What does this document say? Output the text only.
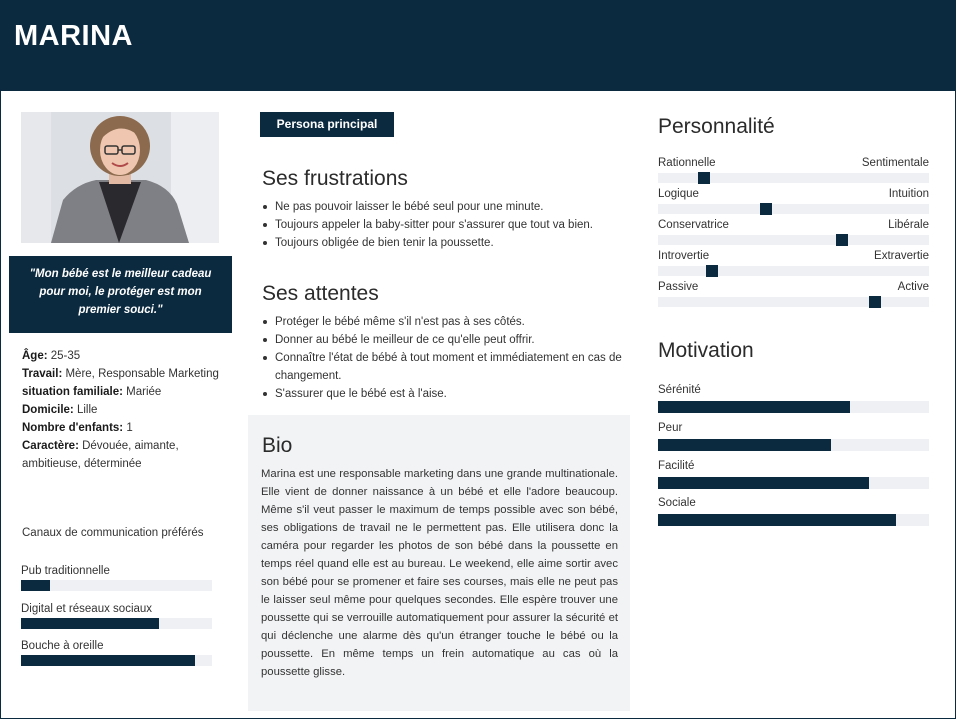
MARINA
"Mon bébé est le meilleur cadeau pour moi, le protéger est mon premier souci."
Âge: 25-35
Travail: Mère, Responsable Marketing
situation familiale: Mariée
Domicile: Lille
Nombre d'enfants: 1
Caractère: Dévouée, aimante, ambitieuse, déterminée
Canaux de communication préférés
Pub traditionnelle
Digital et réseaux sociaux
Bouche à oreille
Persona principal
Ses frustrations
Ne pas pouvoir laisser le bébé seul pour une minute.
Toujours appeler la baby-sitter pour s'assurer que tout va bien.
Toujours obligée de bien tenir la poussette.
Ses attentes
Protéger le bébé même s'il n'est pas à ses côtés.
Donner au bébé le meilleur de ce qu'elle peut offrir.
Connaître l'état de bébé à tout moment et immédiatement en cas de changement.
S'assurer que le bébé est à l'aise.
Bio

Marina est une responsable marketing dans une grande multinationale. Elle vient de donner naissance à un bébé et elle l'adore beaucoup. Même s'il veut passer le maximum de temps possible avec son bébé, ses obligations de travail ne le permettent pas. Elle utilisera donc la caméra pour regarder les photos de son bébé dans la poussette en temps réel quand elle est au bureau. Le weekend, elle aime sortir avec son bébé pour se promener et faire ses courses, mais elle ne peut pas le laisser seul même pour quelques secondes. Elle espère trouver une poussette qui se verrouille automatiquement pour assurer la sécurité et qui déclenche une alarme dès qu'un étranger touche le bébé ou la poussette. En même temps un frein automatique au cas où la poussette glisse.

Personnalité
Rationnelle	Sentimentale
Logique	Intuition
Conservatrice	Libérale
Introvertie	Extravertie
Passive	Active
Motivation
Sérénité
Peur
Facilité
Sociale
